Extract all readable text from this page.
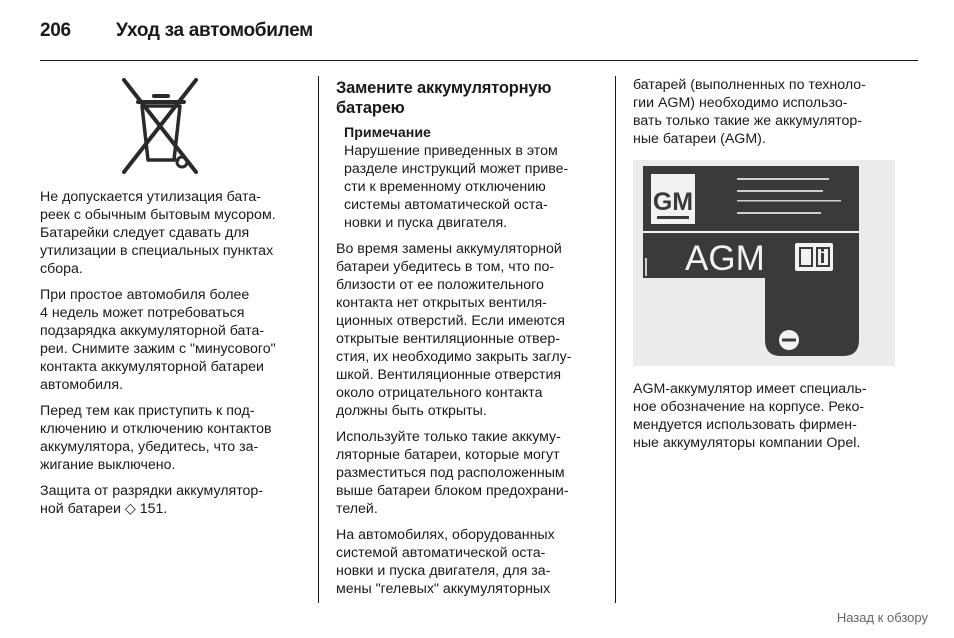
206 Уход за автомобилем

Не допускается утилизация бата-
реек с обычным бытовым мусором.
Батарейки следует сдавать для
утилизации в специальных пунктах
сбора.

При простое автомобиля более
4 недель может потребоваться
подзарядка аккумуляторной бата-
реи. Снимите зажим с "минусового"
контакта аккумуляторной батареи
автомобиля.

Перед тем как приступить к под-
ключению и отключению контактов
аккумулятора, убедитесь, что за-
жигание выключено.

Защита от разрядки аккумулятор-
ной батареи ◇ 151.

Замените аккумуляторную
батарею
Примечание
Нарушение приведенных в этом
разделе инструкций может приве-
сти к временному отключению
системы автоматической оста-
новки и пуска двигателя.

Во время замены аккумуляторной
батареи убедитесь в том, что по-
близости от ее положительного
контакта нет открытых вентиля-
ционных отверстий. Если имеются
открытые вентиляционные отвер-
стия, их необходимо закрыть заглу-
шкой. Вентиляционные отверстия
около отрицательного контакта
должны быть открыты.

Используйте только такие аккуму-
ляторные батареи, которые могут
разместиться под расположенным
выше батареи блоком предохрани-
телей.

На автомобилях, оборудованных
системой автоматической оста-
новки и пуска двигателя, для за-
мены "гелевых" аккумуляторных

батарей (выполненных по техноло-
гии AGM) необходимо использо-
вать только такие же аккумулятор-
ные батареи (AGM).

GM
AGM

AGM-аккумулятор имеет специаль-
ное обозначение на корпусе. Реко-
мендуется использовать фирмен-
ные аккумуляторы компании Opel.

Назад к обзору
